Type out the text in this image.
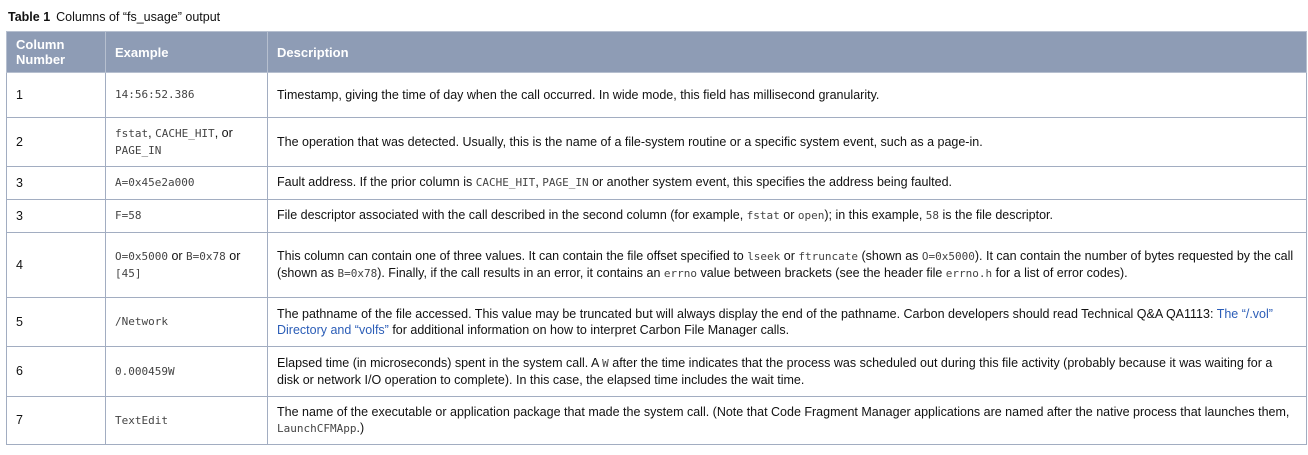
Table 1 Columns of “fs_usage” output
Column Number	Example	Description
1	14:56:52.386	Timestamp, giving the time of day when the call occurred. In wide mode, this field has millisecond granularity.
2	fstat, CACHE_HIT, or PAGE_IN	The operation that was detected. Usually, this is the name of a file-system routine or a specific system event, such as a page-in.
3	A=0x45e2a000	Fault address. If the prior column is CACHE_HIT, PAGE_IN or another system event, this specifies the address being faulted.
3	F=58	File descriptor associated with the call described in the second column (for example, fstat or open); in this example, 58 is the file descriptor.
4	O=0x5000 or B=0x78 or [45]	This column can contain one of three values. It can contain the file offset specified to lseek or ftruncate (shown as O=0x5000). It can contain the number of bytes requested by the call (shown as B=0x78). Finally, if the call results in an error, it contains an errno value between brackets (see the header file errno.h for a list of error codes).
5	/Network	The pathname of the file accessed. This value may be truncated but will always display the end of the pathname. Carbon developers should read Technical Q&A QA1113: The “/.vol” Directory and “volfs” for additional information on how to interpret Carbon File Manager calls.
6	0.000459W	Elapsed time (in microseconds) spent in the system call. A W after the time indicates that the process was scheduled out during this file activity (probably because it was waiting for a disk or network I/O operation to complete). In this case, the elapsed time includes the wait time.
7	TextEdit	The name of the executable or application package that made the system call. (Note that Code Fragment Manager applications are named after the native process that launches them, LaunchCFMApp.)
